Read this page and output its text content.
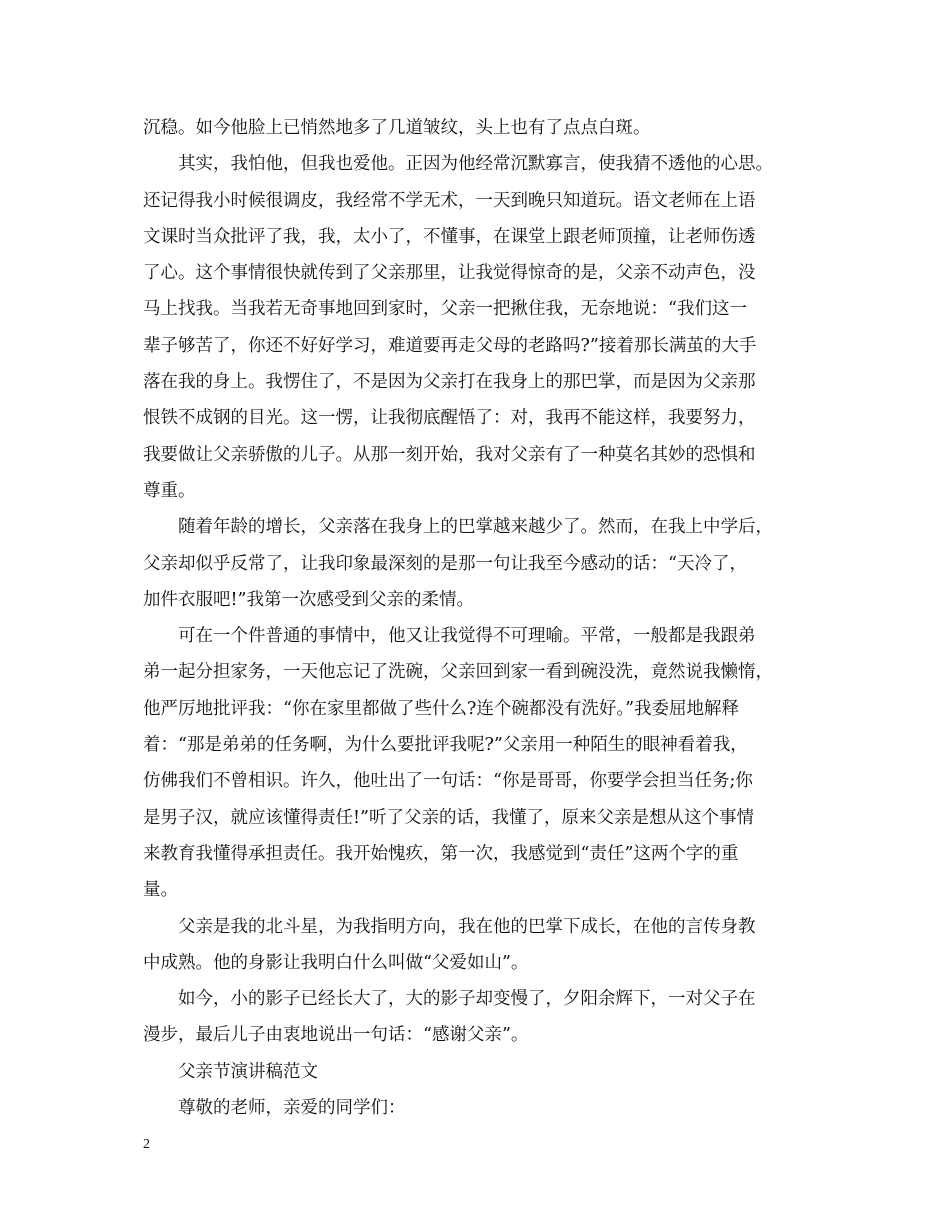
沉稳。如今他脸上已悄然地多了几道皱纹，头上也有了点点白斑。
其实，我怕他，但我也爱他。正因为他经常沉默寡言，使我猜不透他的心思。
还记得我小时候很调皮，我经常不学无术，一天到晚只知道玩。语文老师在上语
文课时当众批评了我，我，太小了，不懂事，在课堂上跟老师顶撞，让老师伤透
了心。这个事情很快就传到了父亲那里，让我觉得惊奇的是，父亲不动声色，没
马上找我。当我若无奇事地回到家时，父亲一把揪住我，无奈地说：“我们这一
辈子够苦了，你还不好好学习，难道要再走父母的老路吗?”接着那长满茧的大手
落在我的身上。我愣住了，不是因为父亲打在我身上的那巴掌，而是因为父亲那
恨铁不成钢的目光。这一愣，让我彻底醒悟了：对，我再不能这样，我要努力，
我要做让父亲骄傲的儿子。从那一刻开始，我对父亲有了一种莫名其妙的恐惧和
尊重。
随着年龄的增长，父亲落在我身上的巴掌越来越少了。然而，在我上中学后，
父亲却似乎反常了，让我印象最深刻的是那一句让我至今感动的话：“天冷了，
加件衣服吧!”我第一次感受到父亲的柔情。
可在一个件普通的事情中，他又让我觉得不可理喻。平常，一般都是我跟弟
弟一起分担家务，一天他忘记了洗碗，父亲回到家一看到碗没洗，竟然说我懒惰，
他严厉地批评我：“你在家里都做了些什么?连个碗都没有洗好。”我委屈地解释
着：“那是弟弟的任务啊，为什么要批评我呢?”父亲用一种陌生的眼神看着我，
仿佛我们不曾相识。许久，他吐出了一句话：“你是哥哥，你要学会担当任务;你
是男子汉，就应该懂得责任!”听了父亲的话，我懂了，原来父亲是想从这个事情
来教育我懂得承担责任。我开始愧疚，第一次，我感觉到“责任”这两个字的重
量。
父亲是我的北斗星，为我指明方向，我在他的巴掌下成长，在他的言传身教
中成熟。他的身影让我明白什么叫做“父爱如山”。
如今，小的影子已经长大了，大的影子却变慢了，夕阳余辉下，一对父子在
漫步，最后儿子由衷地说出一句话：“感谢父亲”。
父亲节演讲稿范文
尊敬的老师，亲爱的同学们：
2
